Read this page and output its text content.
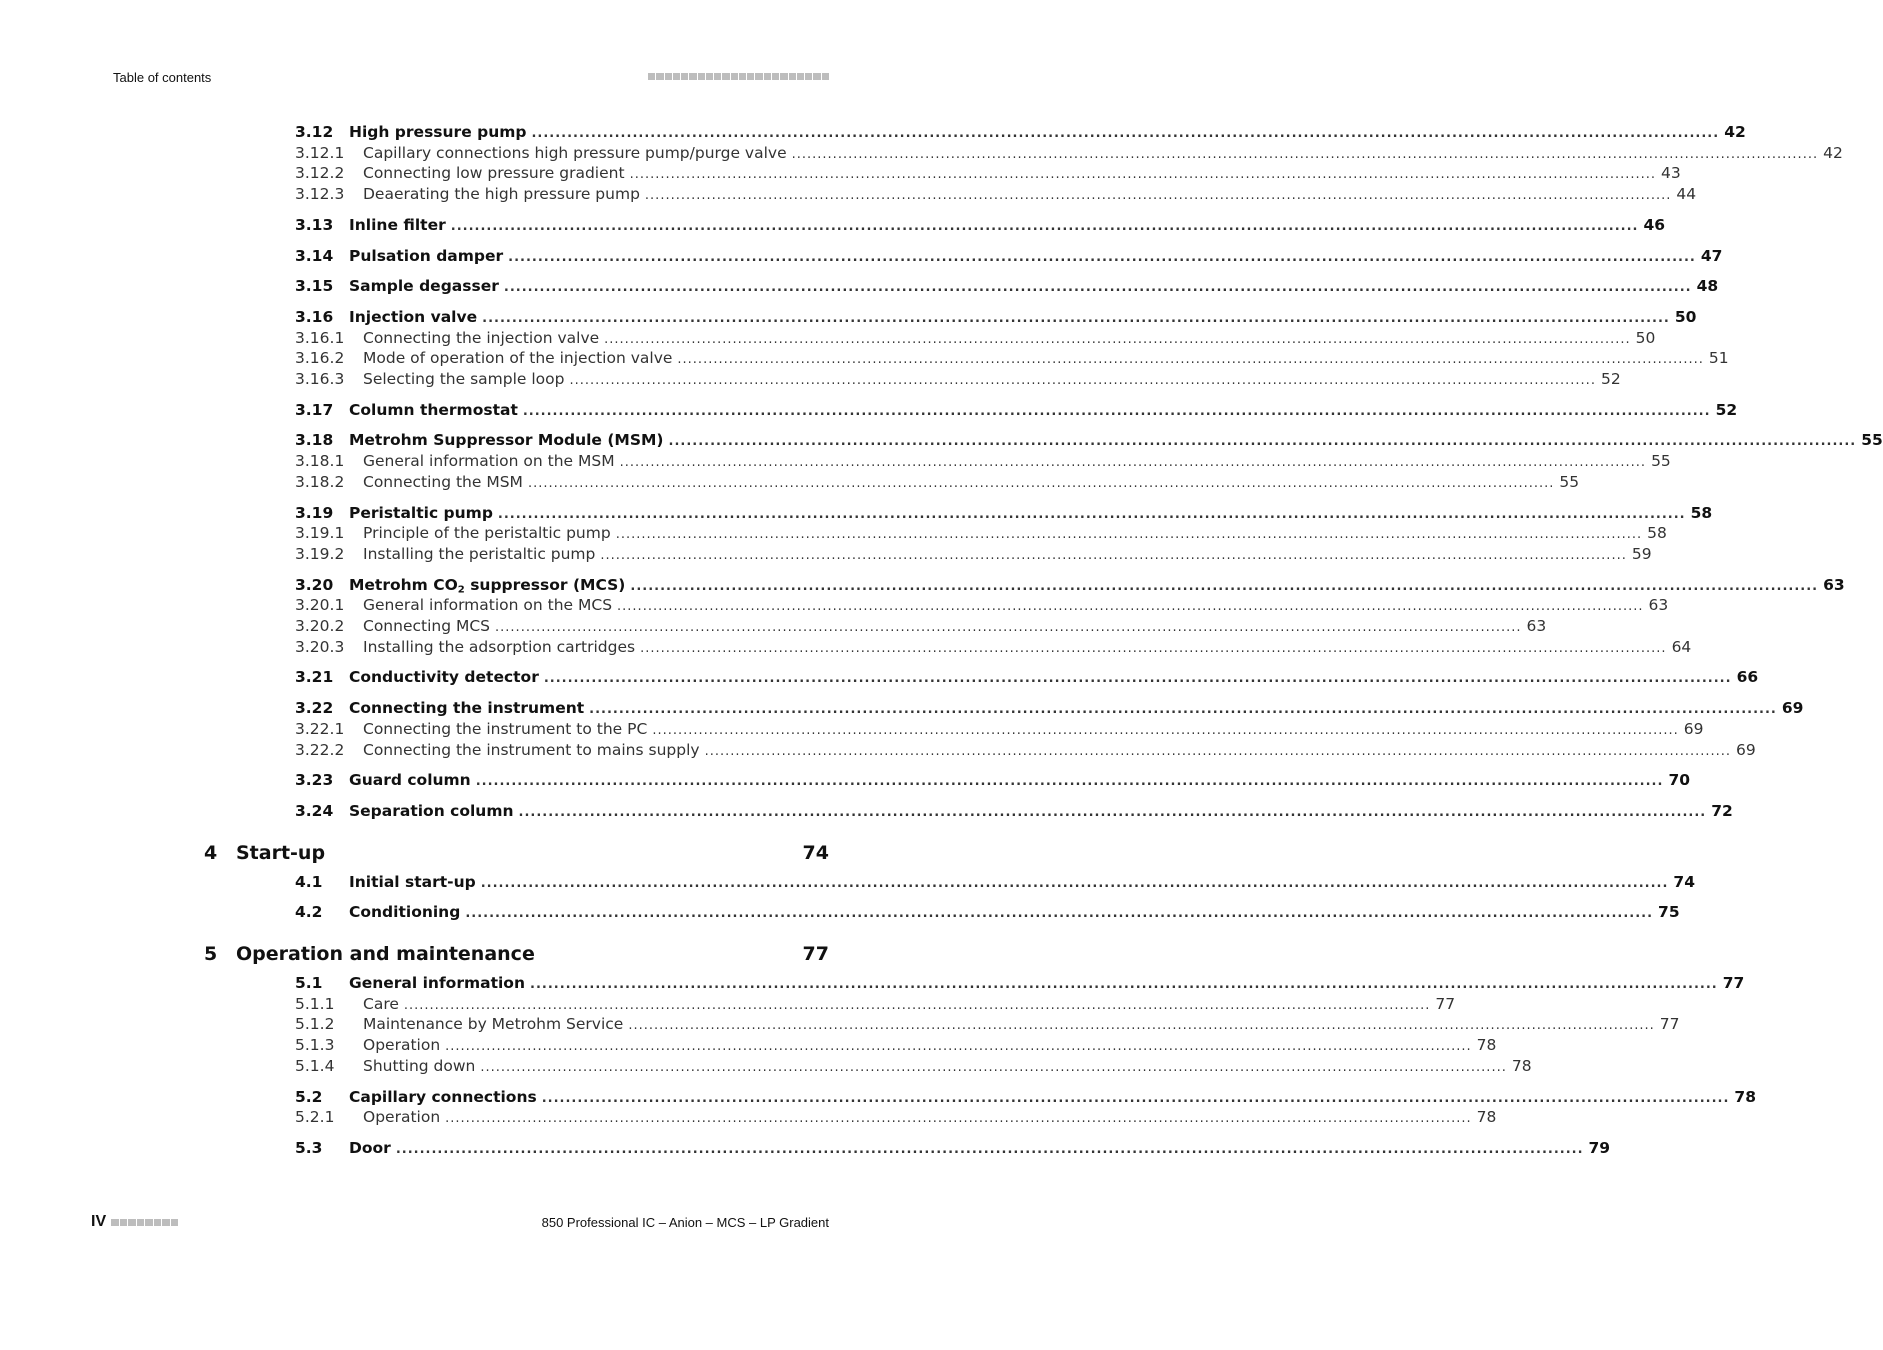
Table of contents
3.12	High pressure pump ........................................................................................................................................................................................................ 42
3.12.1	Capillary connections high pressure pump/purge valve ........................................................................................................................................................................................................ 42
3.12.2	Connecting low pressure gradient ........................................................................................................................................................................................................ 43
3.12.3	Deaerating the high pressure pump ........................................................................................................................................................................................................ 44
3.13	Inline filter ........................................................................................................................................................................................................ 46
3.14	Pulsation damper ........................................................................................................................................................................................................ 47
3.15	Sample degasser ........................................................................................................................................................................................................ 48
3.16	Injection valve ........................................................................................................................................................................................................ 50
3.16.1	Connecting the injection valve ........................................................................................................................................................................................................ 50
3.16.2	Mode of operation of the injection valve ........................................................................................................................................................................................................ 51
3.16.3	Selecting the sample loop ........................................................................................................................................................................................................ 52
3.17	Column thermostat ........................................................................................................................................................................................................ 52
3.18	Metrohm Suppressor Module (MSM) ........................................................................................................................................................................................................ 55
3.18.1	General information on the MSM ........................................................................................................................................................................................................ 55
3.18.2	Connecting the MSM ........................................................................................................................................................................................................ 55
3.19	Peristaltic pump ........................................................................................................................................................................................................ 58
3.19.1	Principle of the peristaltic pump ........................................................................................................................................................................................................ 58
3.19.2	Installing the peristaltic pump ........................................................................................................................................................................................................ 59
3.20	Metrohm $CO_2$ suppressor (MCS) ........................................................................................................................................................................................................ 63
3.20.1	General information on the MCS ........................................................................................................................................................................................................ 63
3.20.2	Connecting MCS ........................................................................................................................................................................................................ 63
3.20.3	Installing the adsorption cartridges ........................................................................................................................................................................................................ 64
3.21	Conductivity detector ........................................................................................................................................................................................................ 66
3.22	Connecting the instrument ........................................................................................................................................................................................................ 69
3.22.1	Connecting the instrument to the PC ........................................................................................................................................................................................................ 69
3.22.2	Connecting the instrument to mains supply ........................................................................................................................................................................................................ 69
3.23	Guard column ........................................................................................................................................................................................................ 70
3.24	Separation column ........................................................................................................................................................................................................ 72
4 Start-up	74
4.1	Initial start-up ........................................................................................................................................................................................................ 74
4.2	Conditioning ........................................................................................................................................................................................................ 75
5 Operation and maintenance	77
5.1	General information ........................................................................................................................................................................................................ 77
5.1.1	Care ........................................................................................................................................................................................................ 77
5.1.2	Maintenance by Metrohm Service ........................................................................................................................................................................................................ 77
5.1.3	Operation ........................................................................................................................................................................................................ 78
5.1.4	Shutting down ........................................................................................................................................................................................................ 78
5.2	Capillary connections ........................................................................................................................................................................................................ 78
5.2.1	Operation ........................................................................................................................................................................................................ 78
5.3	Door ........................................................................................................................................................................................................ 79
IV	850 Professional IC – Anion – MCS – LP Gradient
